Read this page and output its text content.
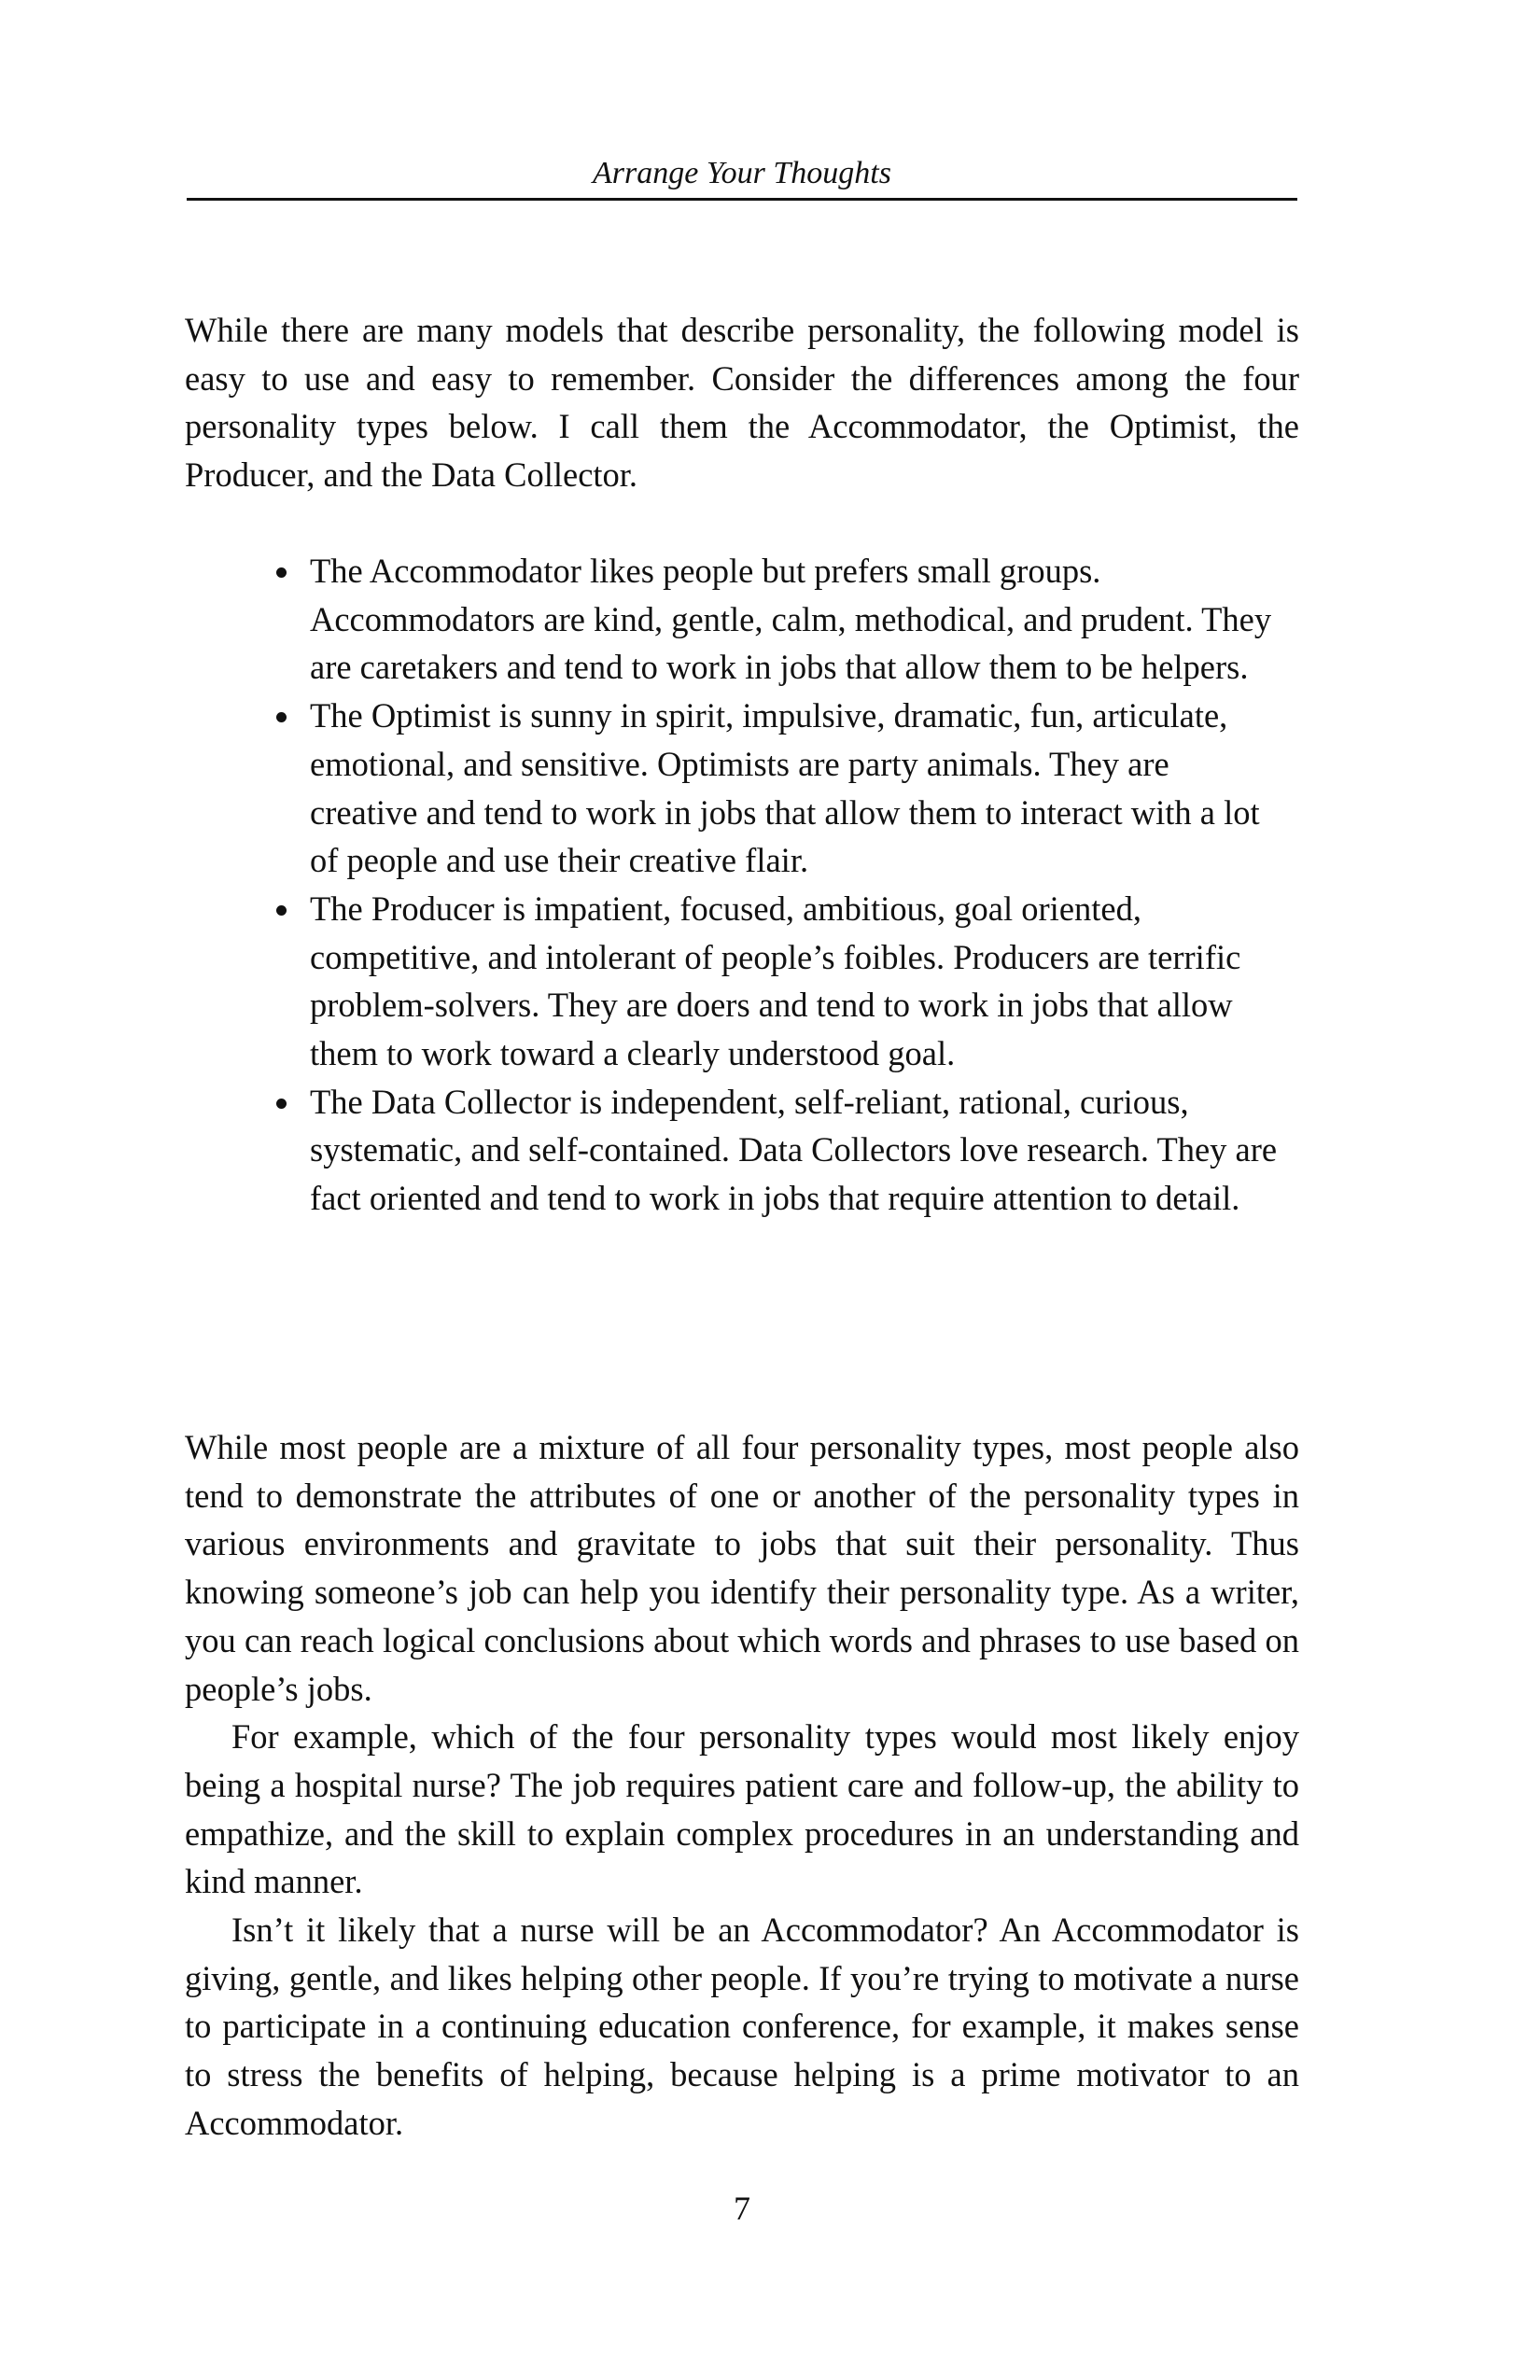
Arrange Your Thoughts

While there are many models that describe personality, the following model is easy to use and easy to remember. Consider the differences among the four personality types below. I call them the Accommodator, the Optimist, the Producer, and the Data Collector.

The Accommodator likes people but prefers small groups. Accommodators are kind, gentle, calm, methodical, and prudent. They are caretakers and tend to work in jobs that allow them to be helpers.
The Optimist is sunny in spirit, impulsive, dramatic, fun, articulate, emotional, and sensitive. Optimists are party animals. They are creative and tend to work in jobs that allow them to interact with a lot of people and use their creative flair.
The Producer is impatient, focused, ambitious, goal oriented, competitive, and intolerant of people’s foibles. Producers are terrific problem-solvers. They are doers and tend to work in jobs that allow them to work toward a clearly understood goal.
The Data Collector is independent, self-reliant, rational, curious, systematic, and self-contained. Data Collectors love research. They are fact oriented and tend to work in jobs that require attention to detail.

While most people are a mixture of all four personality types, most people also tend to demonstrate the attributes of one or another of the personality types in various environments and gravitate to jobs that suit their personality. Thus knowing someone’s job can help you identify their personality type. As a writer, you can reach logical conclusions about which words and phrases to use based on people’s jobs.

For example, which of the four personality types would most likely enjoy being a hospital nurse? The job requires patient care and follow-up, the ability to empathize, and the skill to explain complex procedures in an understanding and kind manner.

Isn’t it likely that a nurse will be an Accommodator? An Accommodator is giving, gentle, and likes helping other people. If you’re trying to motivate a nurse to participate in a continuing education conference, for example, it makes sense to stress the benefits of helping, because helping is a prime motivator to an Accommodator.

7
